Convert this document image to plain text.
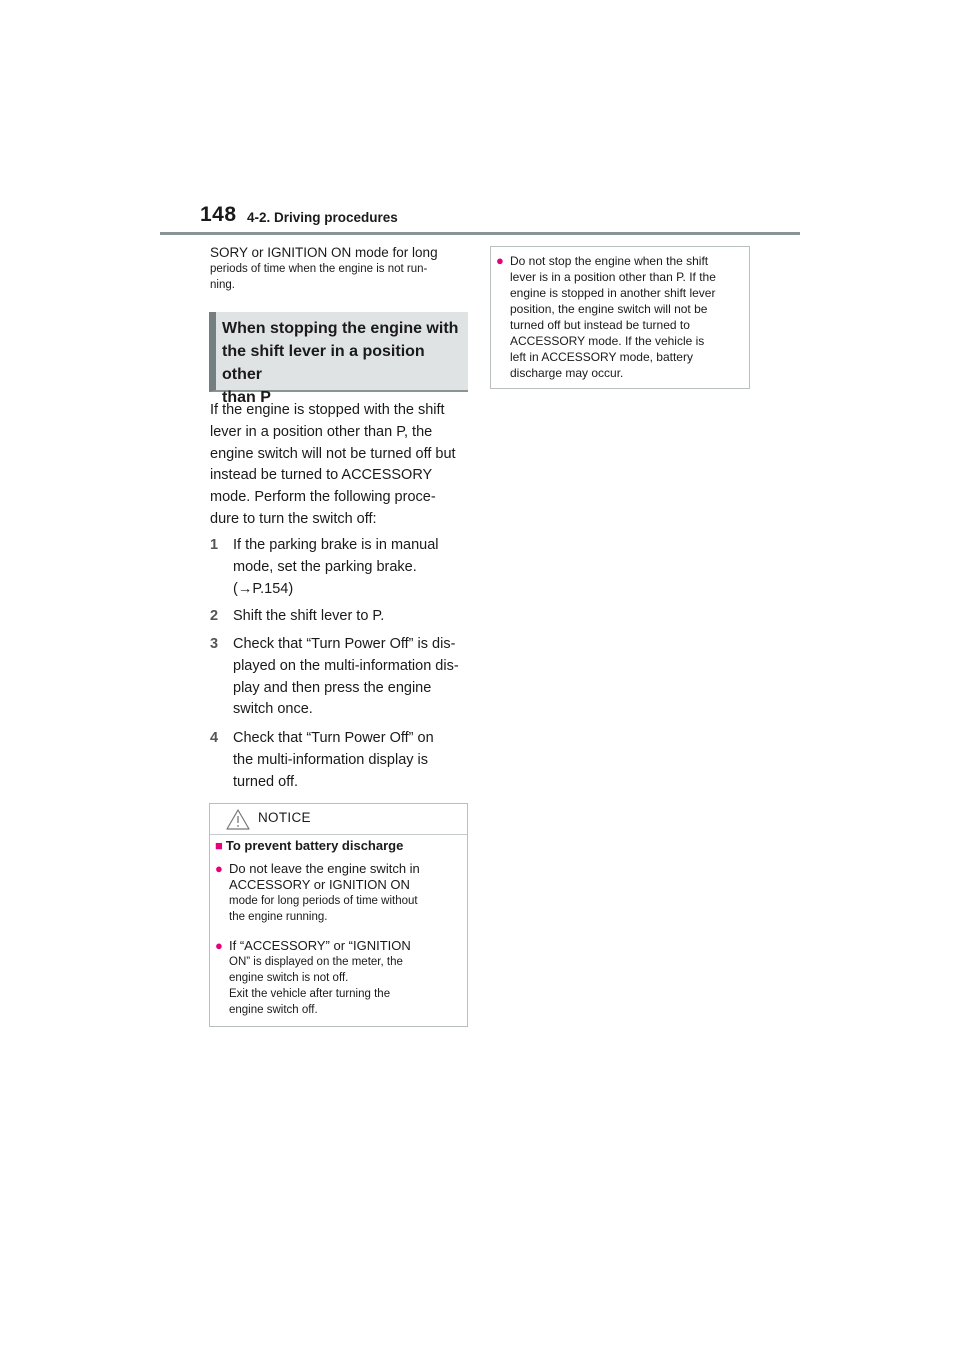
148 4-2. Driving procedures
SORY or IGNITION ON mode for long
periods of time when the engine is not run-
ning.
When stopping the engine with
the shift lever in a position other
than P
If the engine is stopped with the shift
lever in a position other than P, the
engine switch will not be turned off but
instead be turned to ACCESSORY
mode. Perform the following proce-
dure to turn the switch off:
1 If the parking brake is in manual
mode, set the parking brake.
(→P.154)
2 Shift the shift lever to P.
3 Check that “Turn Power Off” is dis-
played on the multi-information dis-
play and then press the engine
switch once.
4 Check that “Turn Power Off” on
the multi-information display is
turned off.
NOTICE
■ To prevent battery discharge
● Do not leave the engine switch in
ACCESSORY or IGNITION ON
mode for long periods of time without
the engine running.
● If “ACCESSORY” or “IGNITION
ON” is displayed on the meter, the
engine switch is not off.
Exit the vehicle after turning the
engine switch off.
● Do not stop the engine when the shift
lever is in a position other than P. If the
engine is stopped in another shift lever
position, the engine switch will not be
turned off but instead be turned to
ACCESSORY mode. If the vehicle is
left in ACCESSORY mode, battery
discharge may occur.
